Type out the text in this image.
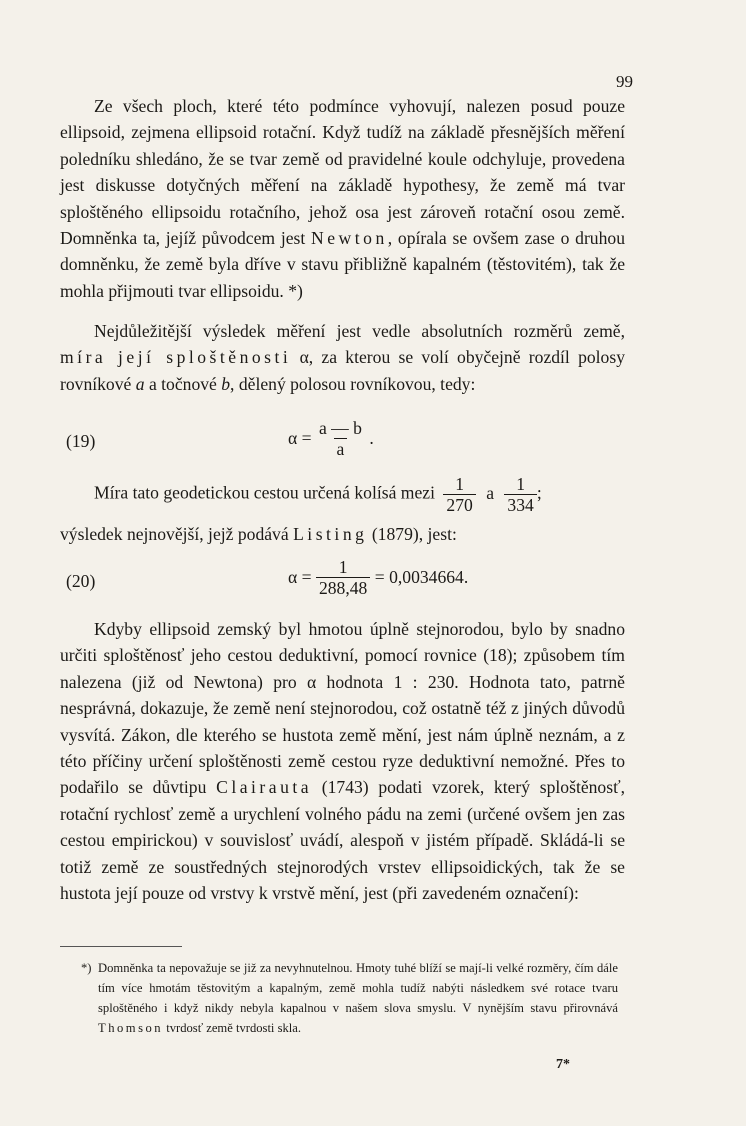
99

Ze všech ploch, které této podmínce vyhovují, nalezen posud pouze ellipsoid, zejmena ellipsoid rotační. Když tudíž na základě přesnějších měření poledníku shledáno, že se tvar země od pravidelné koule odchyluje, provedena jest diskusse dotyčných měření na základě hypothesy, že země má tvar sploštěného ellipsoidu rotačního, jehož osa jest zároveň rotační osou země. Domněnka ta, jejíž původcem jest Newton, opírala se ovšem zase o druhou domněnku, že země byla dříve v stavu přibližně kapalném (těstovitém), tak že mohla přijmouti tvar ellipsoidu. *)

Nejdůležitější výsledek měření jest vedle absolutních rozměrů země, míra její sploštěnosti α, za kterou se volí obyčejně rozdíl polosy rovníkové a a točnové b, dělený polosou rovníkovou, tedy:

(19)	$\alpha = \frac{a — b}{a}$ .
Míra tato geodetickou cestou určená kolísá mezi $\frac{1}{270}$ a $\frac{1}{334}$ ;
výsledek nejnovější, jejž podává Listing (1879), jest:
(20)	$\alpha = \frac{1}{288,48} = 0,0034664$.

Kdyby ellipsoid zemský byl hmotou úplně stejnorodou, bylo by snadno určiti sploštěnosť jeho cestou deduktivní, pomocí rovnice (18); způsobem tím nalezena (již od Newtona) pro α hodnota 1 : 230. Hodnota tato, patrně nesprávná, dokazuje, že země není stejnorodou, což ostatně též z jiných důvodů vysvítá. Zákon, dle kterého se hustota země mění, jest nám úplně neznám, a z této příčiny určení sploštěnosti země cestou ryze deduktivní nemožné. Přes to podařilo se důvtipu Clairauta (1743) podati vzorek, který sploštěnosť, rotační rychlosť země a urychlení volného pádu na zemi (určené ovšem jen zas cestou empirickou) v souvislosť uvádí, alespoň v jistém případě. Skládá-li se totiž země ze soustředných stejnorodých vrstev ellipsoidických, tak že se hustota její pouze od vrstvy k vrstvě mění, jest (při zavedeném označení):

*) Domněnka ta nepovažuje se již za nevyhnutelnou. Hmoty tuhé blíží se mají-li velké rozměry, čím dále tím více hmotám těstovitým a kapalným, země mohla tudíž nabýti následkem své rotace tvaru sploštěného i když nikdy nebyla kapalnou v našem slova smyslu. V nynějším stavu přirovnává Thomson tvrdosť země tvrdosti skla.

7*
